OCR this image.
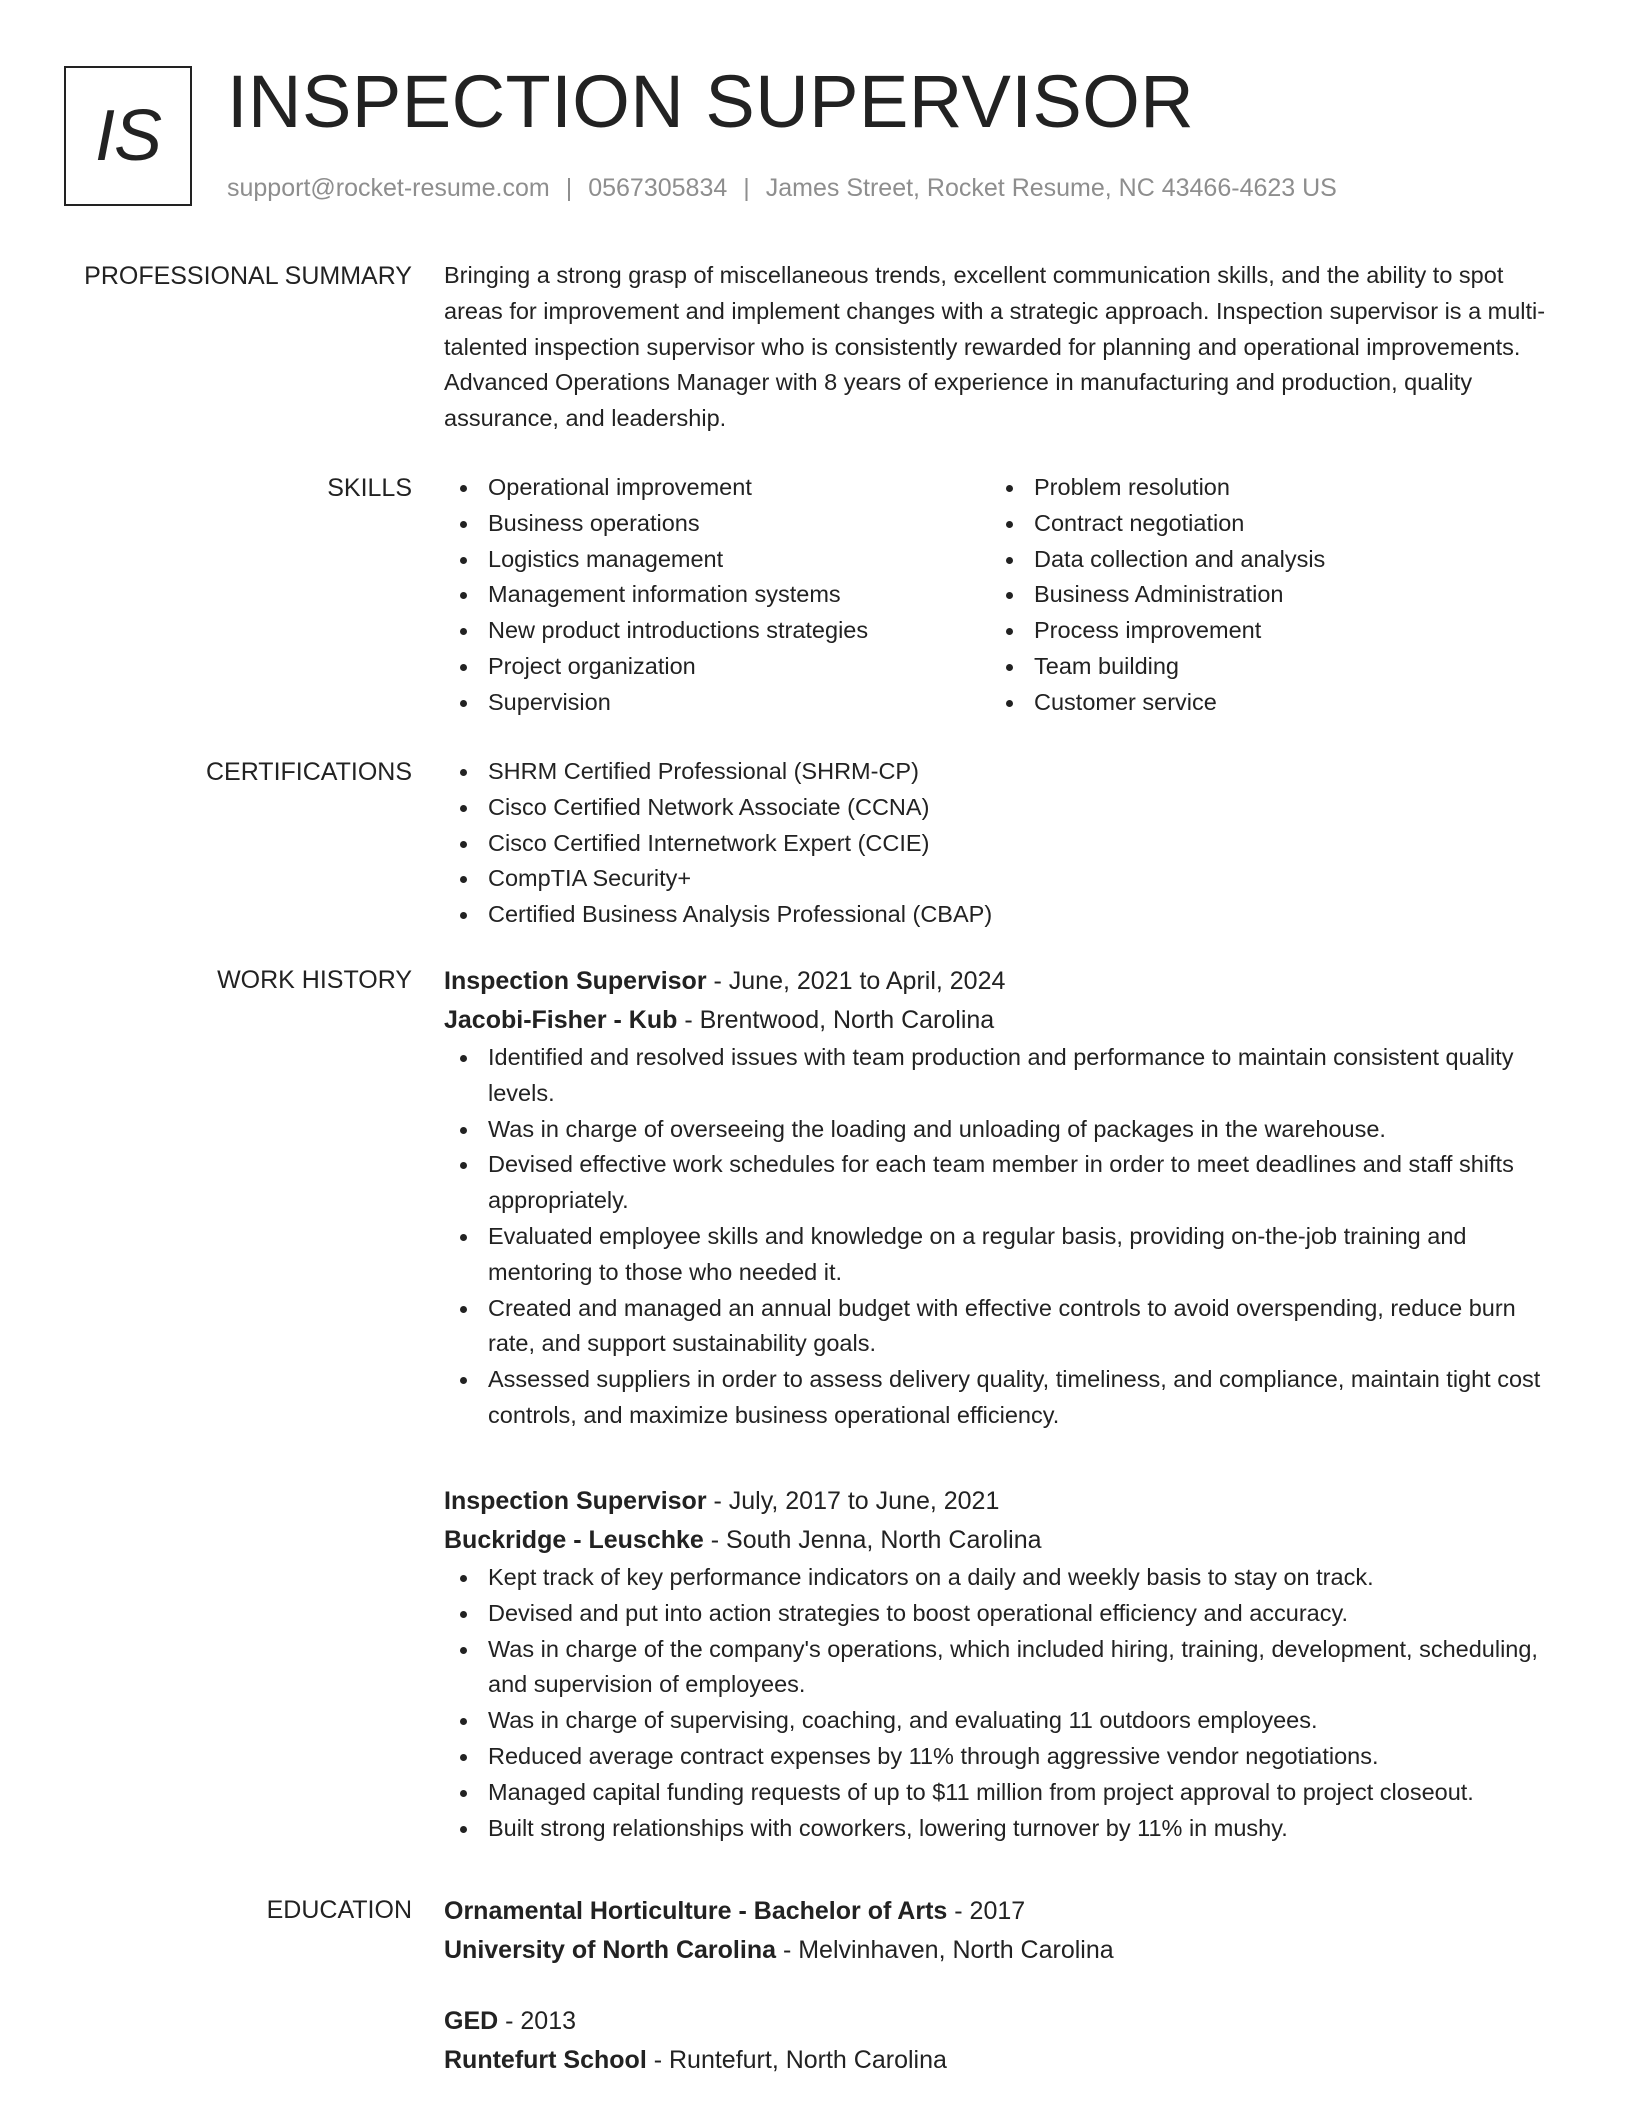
IS INSPECTION SUPERVISOR
support@rocket-resume.com | 0567305834 | James Street, Rocket Resume, NC 43466-4623 US
PROFESSIONAL SUMMARY Bringing a strong grasp of miscellaneous trends, excellent communication skills, and the ability to spot areas for improvement and implement changes with a strategic approach. Inspection supervisor is a multi-talented inspection supervisor who is consistently rewarded for planning and operational improvements. Advanced Operations Manager with 8 years of experience in manufacturing and production, quality assurance, and leadership.

SKILLS	Operational improvement
Business operations
Logistics management
Management information systems
New product introductions strategies
Project organization
Supervision
Problem resolution
Contract negotiation
Data collection and analysis
Business Administration
Process improvement
Team building
Customer service
CERTIFICATIONS	SHRM Certified Professional (SHRM-CP)
Cisco Certified Network Associate (CCNA)
Cisco Certified Internetwork Expert (CCIE)
CompTIA Security+
Certified Business Analysis Professional (CBAP)
WORK HISTORY Inspection Supervisor - June, 2021 to April, 2024
Jacobi-Fisher - Kub - Brentwood, North Carolina
Identified and resolved issues with team production and performance to maintain consistent quality levels.
Was in charge of overseeing the loading and unloading of packages in the warehouse.
Devised effective work schedules for each team member in order to meet deadlines and staff shifts appropriately.
Evaluated employee skills and knowledge on a regular basis, providing on-the-job training and mentoring to those who needed it.
Created and managed an annual budget with effective controls to avoid overspending, reduce burn rate, and support sustainability goals.
Assessed suppliers in order to assess delivery quality, timeliness, and compliance, maintain tight cost controls, and maximize business operational efficiency.
Inspection Supervisor - July, 2017 to June, 2021
Buckridge - Leuschke - South Jenna, North Carolina
Kept track of key performance indicators on a daily and weekly basis to stay on track.
Devised and put into action strategies to boost operational efficiency and accuracy.
Was in charge of the company's operations, which included hiring, training, development, scheduling, and supervision of employees.
Was in charge of supervising, coaching, and evaluating 11 outdoors employees.
Reduced average contract expenses by 11% through aggressive vendor negotiations.
Managed capital funding requests of up to $11 million from project approval to project closeout.
Built strong relationships with coworkers, lowering turnover by 11% in mushy.
EDUCATION Ornamental Horticulture - Bachelor of Arts - 2017
University of North Carolina - Melvinhaven, North Carolina
GED - 2013
Runtefurt School - Runtefurt, North Carolina
